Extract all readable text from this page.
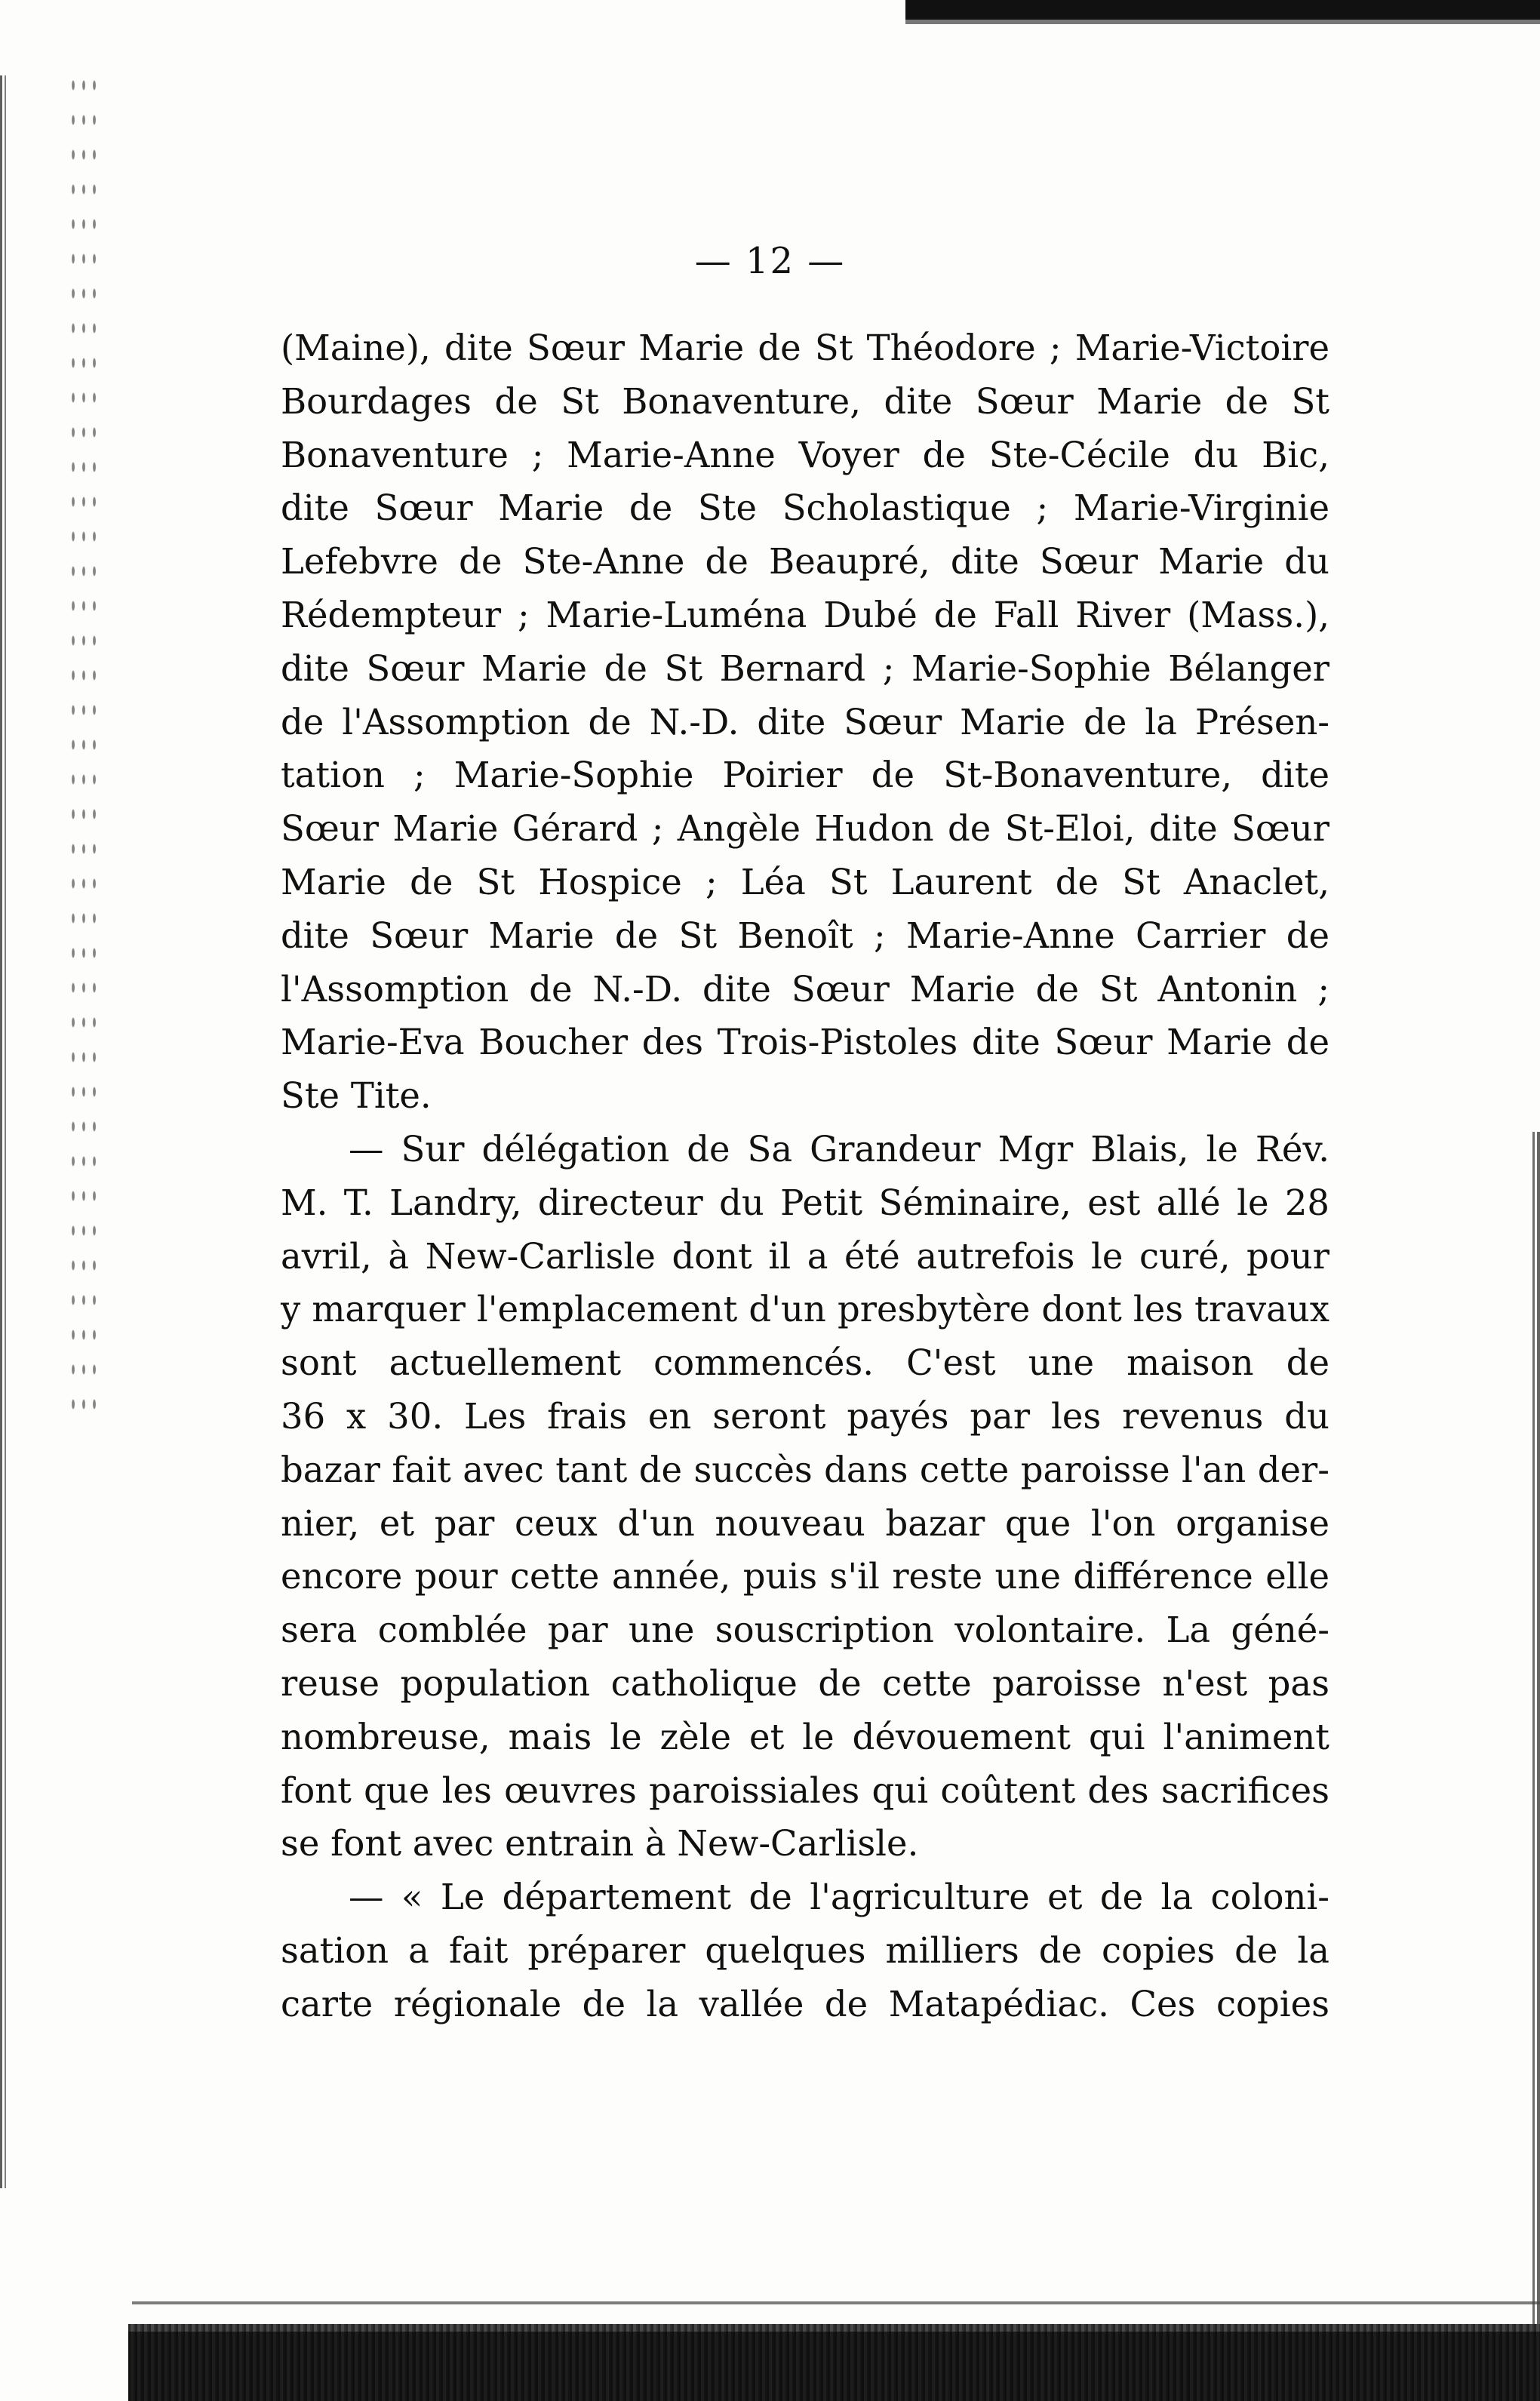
— 12 —

(Maine), dite Sœur Marie de St Théodore ; Marie-Victoire
Bourdages de St Bonaventure, dite Sœur Marie de St
Bonaventure ; Marie-Anne Voyer de Ste-Cécile du Bic,
dite Sœur Marie de Ste Scholastique ; Marie-Virginie
Lefebvre de Ste-Anne de Beaupré, dite Sœur Marie du
Rédempteur ; Marie-Luména Dubé de Fall River (Mass.),
dite Sœur Marie de St Bernard ; Marie-Sophie Bélanger
de l'Assomption de N.-D. dite Sœur Marie de la Présen-
tation ; Marie-Sophie Poirier de St-Bonaventure, dite
Sœur Marie Gérard ; Angèle Hudon de St-Eloi, dite Sœur
Marie de St Hospice ; Léa St Laurent de St Anaclet,
dite Sœur Marie de St Benoît ; Marie-Anne Carrier de
l'Assomption de N.-D. dite Sœur Marie de St Antonin ;
Marie-Eva Boucher des Trois-Pistoles dite Sœur Marie de
Ste Tite.
— Sur délégation de Sa Grandeur Mgr Blais, le Rév.
M. T. Landry, directeur du Petit Séminaire, est allé le 28
avril, à New-Carlisle dont il a été autrefois le curé, pour
y marquer l'emplacement d'un presbytère dont les travaux
sont actuellement commencés. C'est une maison de
36 x 30. Les frais en seront payés par les revenus du
bazar fait avec tant de succès dans cette paroisse l'an der-
nier, et par ceux d'un nouveau bazar que l'on organise
encore pour cette année, puis s'il reste une différence elle
sera comblée par une souscription volontaire. La géné-
reuse population catholique de cette paroisse n'est pas
nombreuse, mais le zèle et le dévouement qui l'animent
font que les œuvres paroissiales qui coûtent des sacrifices
se font avec entrain à New-Carlisle.
— « Le département de l'agriculture et de la coloni-
sation a fait préparer quelques milliers de copies de la
carte régionale de la vallée de Matapédiac. Ces copies
